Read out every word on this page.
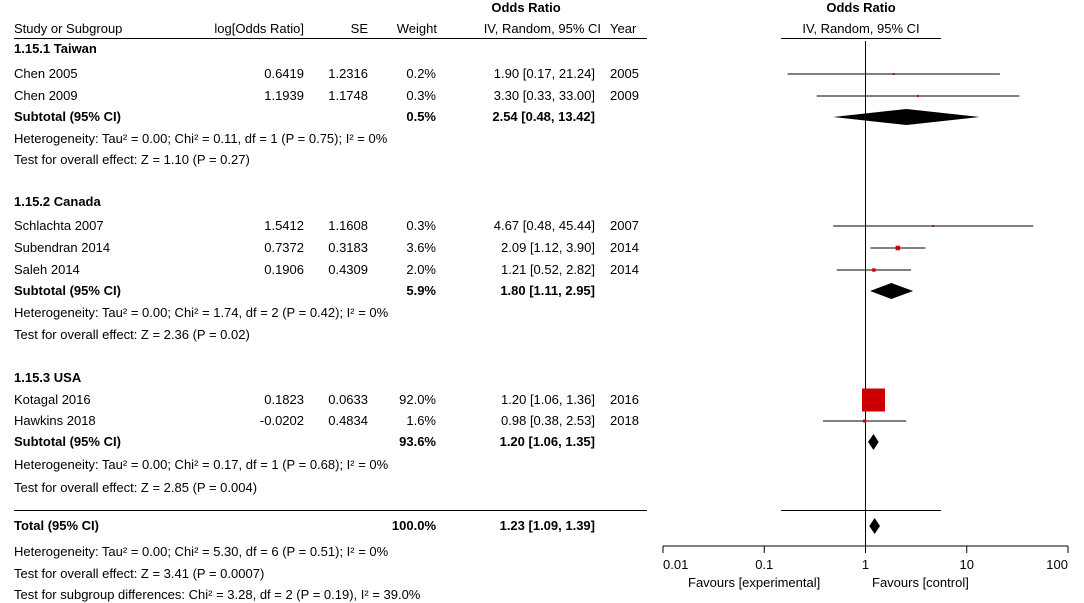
Odds Ratio	Odds Ratio
Study or Subgroup	log[Odds Ratio]	SE	Weight	IV, Random, 95% CI Year	IV, Random, 95% CI
1.15.1 Taiwan
Chen 2005	0.6419	1.2316	0.2%	1.90 [0.17, 21.24] 2005
Chen 2009	1.1939	1.1748	0.3%	3.30 [0.33, 33.00] 2009
Subtotal (95% CI)	0.5%	2.54 [0.48, 13.42]
Heterogeneity: Tau² = 0.00; Chi² = 0.11, df = 1 (P = 0.75); I² = 0%
Test for overall effect: Z = 1.10 (P = 0.27)
1.15.2 Canada
Schlachta 2007	1.5412	1.1608	0.3%	4.67 [0.48, 45.44] 2007
Subendran 2014	0.7372	0.3183	3.6%	2.09 [1.12, 3.90] 2014
Saleh 2014	0.1906	0.4309	2.0%	1.21 [0.52, 2.82] 2014
Subtotal (95% CI)	5.9%	1.80 [1.11, 2.95]
Heterogeneity: Tau² = 0.00; Chi² = 1.74, df = 2 (P = 0.42); I² = 0%
Test for overall effect: Z = 2.36 (P = 0.02)
1.15.3 USA
Kotagal 2016	0.1823	0.0633	92.0%	1.20 [1.06, 1.36] 2016
Hawkins 2018	-0.0202	0.4834	1.6%	0.98 [0.38, 2.53] 2018
Subtotal (95% CI)	93.6%	1.20 [1.06, 1.35]
Heterogeneity: Tau² = 0.00; Chi² = 0.17, df = 1 (P = 0.68); I² = 0%
Test for overall effect: Z = 2.85 (P = 0.004)
Total (95% CI)	100.0%	1.23 [1.09, 1.39]
Heterogeneity: Tau² = 0.00; Chi² = 5.30, df = 6 (P = 0.51); I² = 0%
Test for overall effect: Z = 3.41 (P = 0.0007)
Test for subgroup differences: Chi² = 3.28, df = 2 (P = 0.19), I² = 39.0%
0.01	0.1	1	10	100
Favours [experimental]	Favours [control]
